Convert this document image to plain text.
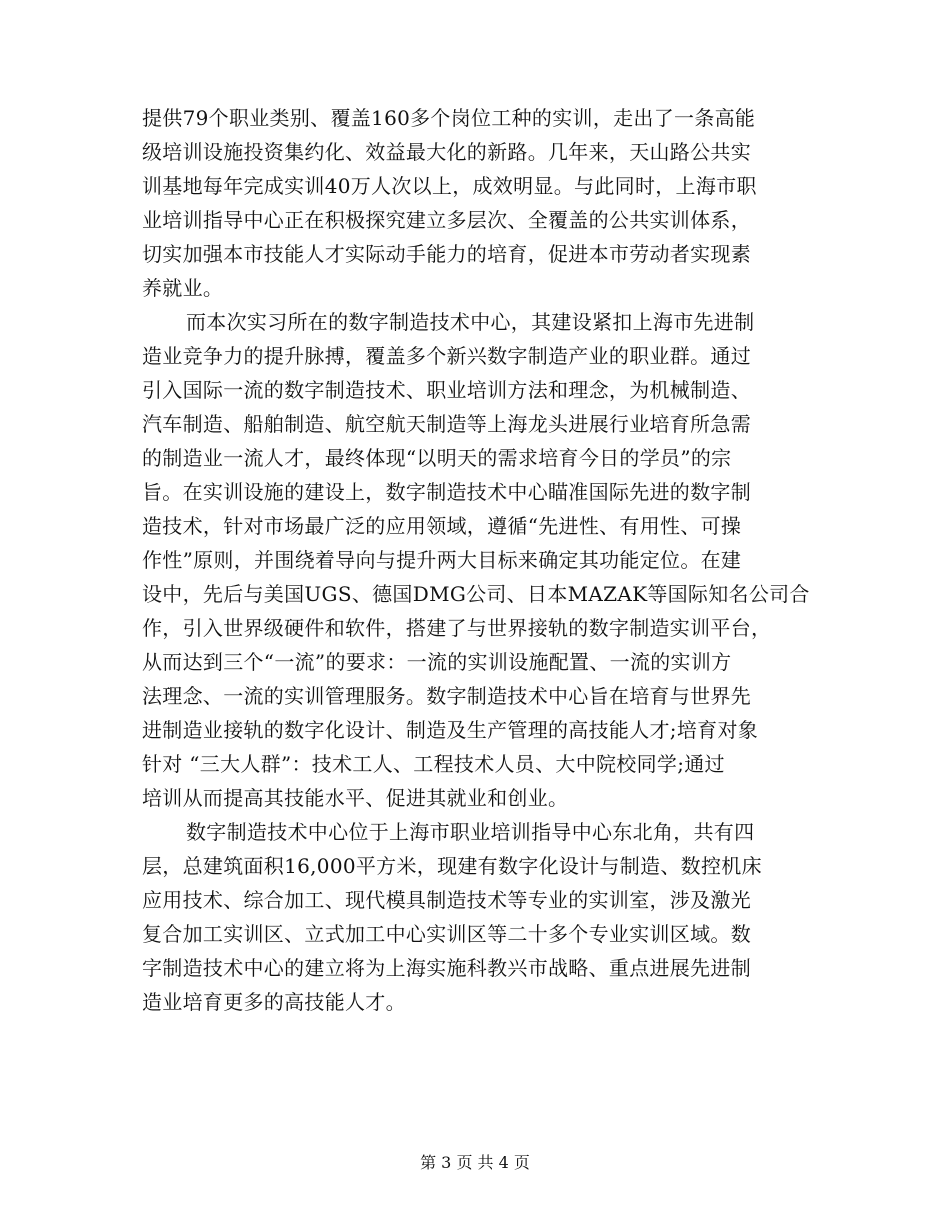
提供79个职业类别、覆盖160多个岗位工种的实训，走出了一条高能
级培训设施投资集约化、效益最大化的新路。几年来，天山路公共实
训基地每年完成实训40万人次以上，成效明显。与此同时，上海市职
业培训指导中心正在积极探究建立多层次、全覆盖的公共实训体系，
切实加强本市技能人才实际动手能力的培育，促进本市劳动者实现素
养就业。
而本次实习所在的数字制造技术中心，其建设紧扣上海市先进制
造业竞争力的提升脉搏，覆盖多个新兴数字制造产业的职业群。通过
引入国际一流的数字制造技术、职业培训方法和理念，为机械制造、
汽车制造、船舶制造、航空航天制造等上海龙头进展行业培育所急需
的制造业一流人才，最终体现“以明天的需求培育今日的学员”的宗
旨。在实训设施的建设上，数字制造技术中心瞄准国际先进的数字制
造技术，针对市场最广泛的应用领域，遵循“先进性、有用性、可操
作性”原则，并围绕着导向与提升两大目标来确定其功能定位。在建
设中，先后与美国UGS、德国DMG公司、日本MAZAK等国际知名公司合
作，引入世界级硬件和软件，搭建了与世界接轨的数字制造实训平台，
从而达到三个“一流”的要求：一流的实训设施配置、一流的实训方
法理念、一流的实训管理服务。数字制造技术中心旨在培育与世界先
进制造业接轨的数字化设计、制造及生产管理的高技能人才;培育对象
针对 “三大人群”：技术工人、工程技术人员、大中院校同学;通过
培训从而提高其技能水平、促进其就业和创业。
数字制造技术中心位于上海市职业培训指导中心东北角，共有四
层，总建筑面积16,000平方米，现建有数字化设计与制造、数控机床
应用技术、综合加工、现代模具制造技术等专业的实训室，涉及激光
复合加工实训区、立式加工中心实训区等二十多个专业实训区域。数
字制造技术中心的建立将为上海实施科教兴市战略、重点进展先进制
造业培育更多的高技能人才。
第 3 页 共 4 页
